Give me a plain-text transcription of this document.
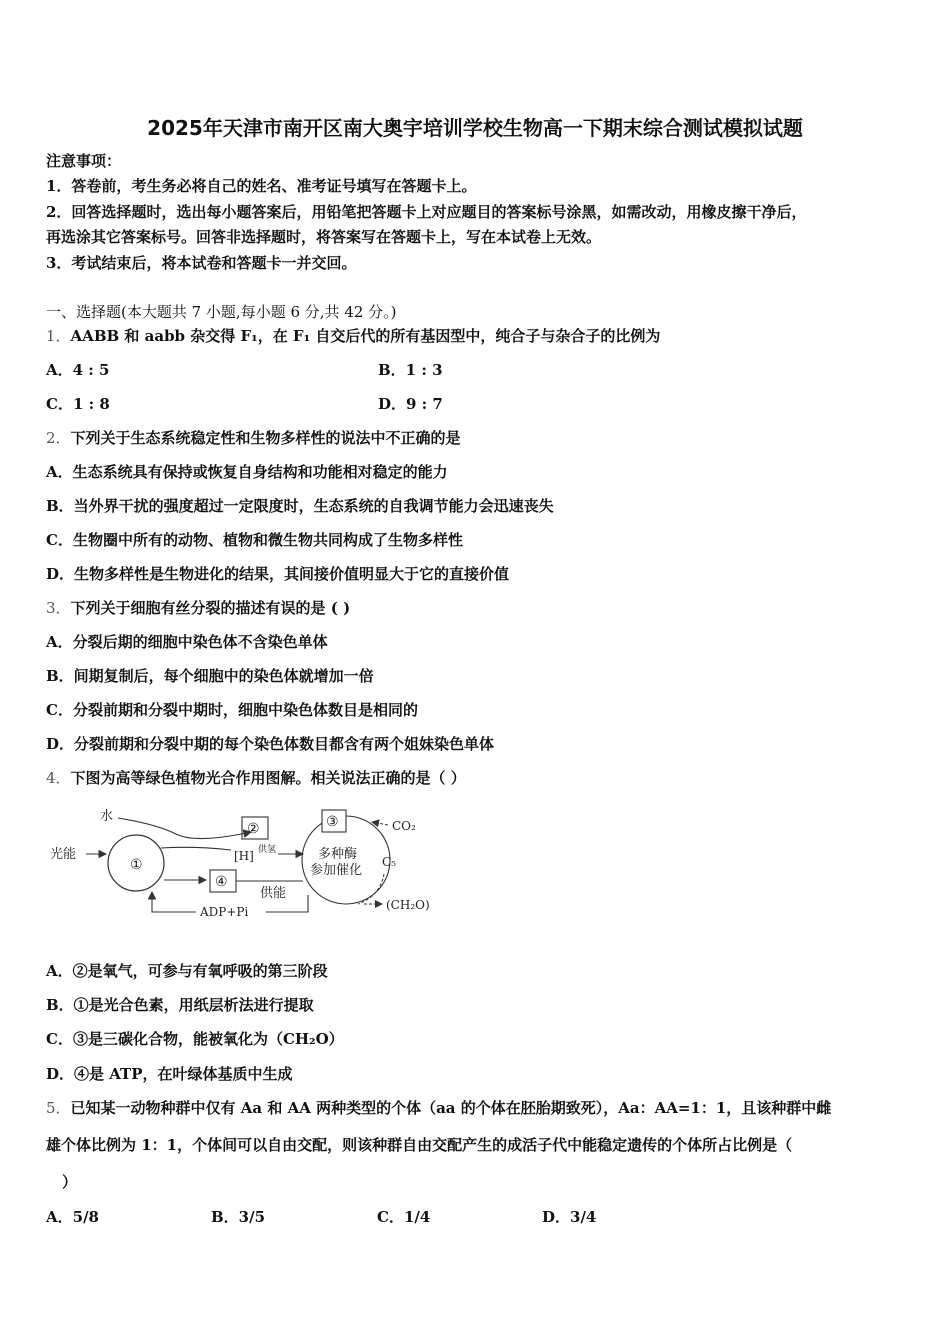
2025年天津市南开区南大奥宇培训学校生物高一下期末综合测试模拟试题
注意事项：
1．答卷前，考生务必将自己的姓名、准考证号填写在答题卡上。
2．回答选择题时，选出每小题答案后，用铅笔把答题卡上对应题目的答案标号涂黑，如需改动，用橡皮擦干净后，
再选涂其它答案标号。回答非选择题时，将答案写在答题卡上，写在本试卷上无效。
3．考试结束后，将本试卷和答题卡一并交回。
一、选择题(本大题共 7 小题,每小题 6 分,共 42 分。)
1．AABB 和 aabb 杂交得 F₁，在 F₁ 自交后代的所有基因型中，纯合子与杂合子的比例为
A．4 : 5	B．1 : 3
C．1 : 8	D．9 : 7
2．下列关于生态系统稳定性和生物多样性的说法中不正确的是
A．生态系统具有保持或恢复自身结构和功能相对稳定的能力
B．当外界干扰的强度超过一定限度时，生态系统的自我调节能力会迅速丧失
C．生物圈中所有的动物、植物和微生物共同构成了生物多样性
D．生物多样性是生物进化的结果，其间接价值明显大于它的直接价值
3．下列关于细胞有丝分裂的描述有误的是 ( )
A．分裂后期的细胞中染色体不含染色单体
B．间期复制后，每个细胞中的染色体就增加一倍
C．分裂前期和分裂中期时，细胞中染色体数目是相同的
D．分裂前期和分裂中期的每个染色体数目都含有两个姐妹染色单体
4．下图为高等绿色植物光合作用图解。相关说法正确的是（ ）
①
光能
水
②
[H] 供氢
④
供能
ADP+Pi
③
多种酶
参加催化
CO₂
C₅
(CH₂O)
A．②是氧气，可参与有氧呼吸的第三阶段
B．①是光合色素，用纸层析法进行提取
C．③是三碳化合物，能被氧化为（CH₂O）
D．④是 ATP，在叶绿体基质中生成
5．已知某一动物种群中仅有 Aa 和 AA 两种类型的个体（aa 的个体在胚胎期致死），Aa：AA=1：1，且该种群中雌
雄个体比例为 1：1，个体间可以自由交配，则该种群自由交配产生的成活子代中能稳定遗传的个体所占比例是（
）
A．5/8	B．3/5	C．1/4	D．3/4
